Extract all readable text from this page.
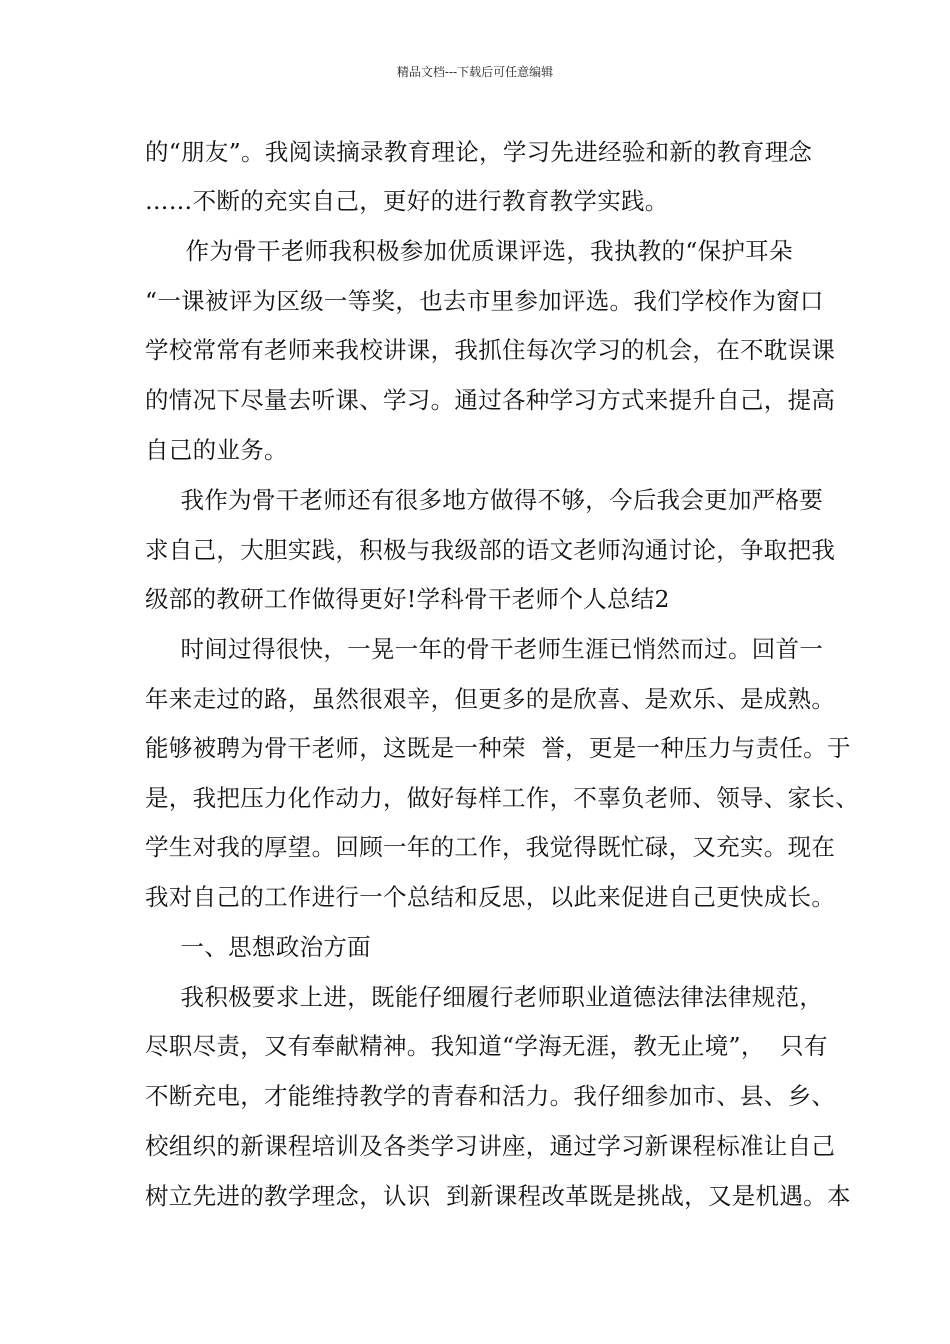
精品文档---下载后可任意编辑
的“朋友”。我阅读摘录教育理论，学习先进经验和新的教育理念
……不断的充实自己，更好的进行教育教学实践。
作为骨干老师我积极参加优质课评选，我执教的“保护耳朵
“一课被评为区级一等奖，也去市里参加评选。我们学校作为窗口
学校常常有老师来我校讲课，我抓住每次学习的机会，在不耽误课
的情况下尽量去听课、学习。通过各种学习方式来提升自己，提高
自己的业务。
我作为骨干老师还有很多地方做得不够，今后我会更加严格要
求自己，大胆实践，积极与我级部的语文老师沟通讨论，争取把我
级部的教研工作做得更好!学科骨干老师个人总结2
时间过得很快，一晃一年的骨干老师生涯已悄然而过。回首一
年来走过的路，虽然很艰辛，但更多的是欣喜、是欢乐、是成熟。
能够被聘为骨干老师，这既是一种荣  誉，更是一种压力与责任。于
是，我把压力化作动力，做好每样工作，不辜负老师、领导、家长、
学生对我的厚望。回顾一年的工作，我觉得既忙碌，又充实。现在
我对自己的工作进行一个总结和反思，以此来促进自己更快成长。
一、思想政治方面
我积极要求上进，既能仔细履行老师职业道德法律法律规范，
尽职尽责，又有奉献精神。我知道“学海无涯，教无止境”，  只有
不断充电，才能维持教学的青春和活力。我仔细参加市、县、乡、
校组织的新课程培训及各类学习讲座，通过学习新课程标准让自己
树立先进的教学理念，认识  到新课程改革既是挑战，又是机遇。本
